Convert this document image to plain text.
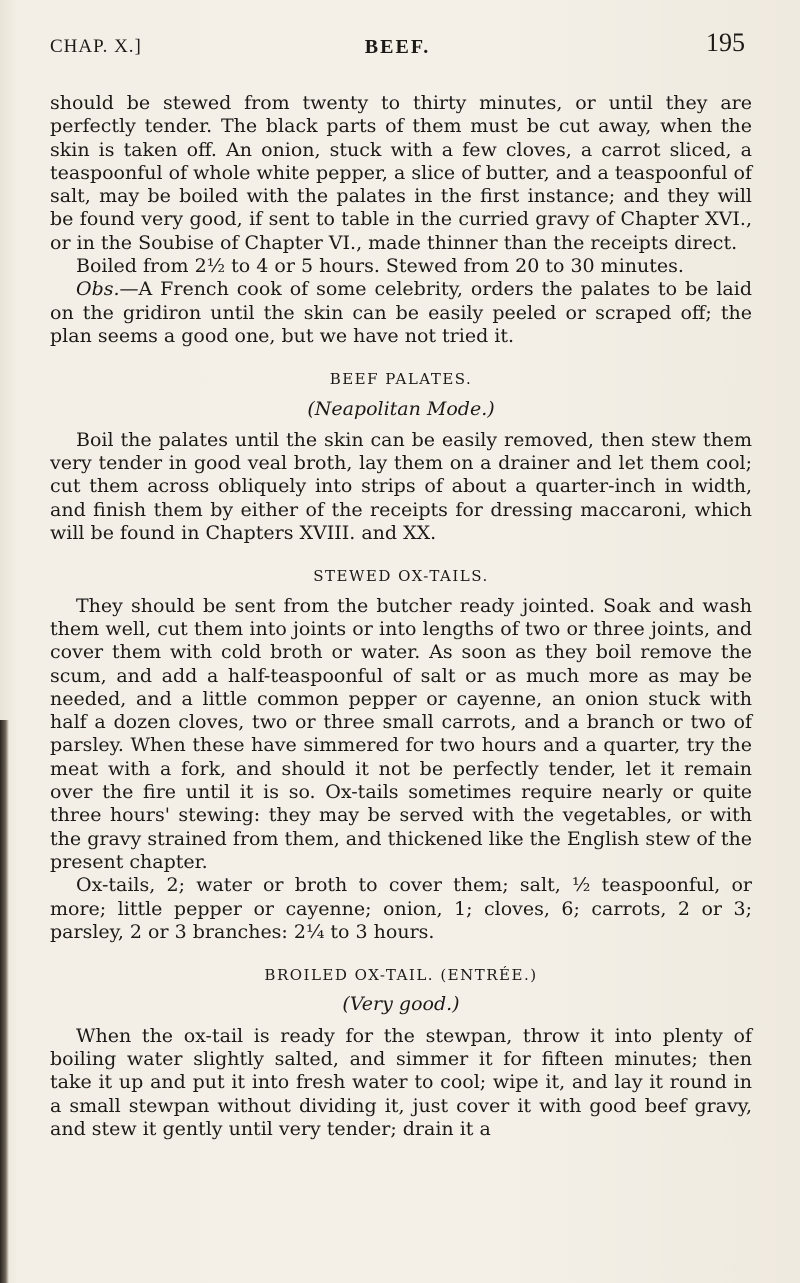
CHAP. X.]	BEEF.	195

should be stewed from twenty to thirty minutes, or until they are perfectly tender. The black parts of them must be cut away, when the skin is taken off. An onion, stuck with a few cloves, a carrot sliced, a teaspoonful of whole white pepper, a slice of butter, and a teaspoonful of salt, may be boiled with the palates in the first instance; and they will be found very good, if sent to table in the curried gravy of Chapter XVI., or in the Soubise of Chapter VI., made thinner than the receipts direct.

Boiled from 2½ to 4 or 5 hours. Stewed from 20 to 30 minutes.

Obs.—A French cook of some celebrity, orders the palates to be laid on the gridiron until the skin can be easily peeled or scraped off; the plan seems a good one, but we have not tried it.

BEEF PALATES.
(Neapolitan Mode.)

Boil the palates until the skin can be easily removed, then stew them very tender in good veal broth, lay them on a drainer and let them cool; cut them across obliquely into strips of about a quarter-inch in width, and finish them by either of the receipts for dressing maccaroni, which will be found in Chapters XVIII. and XX.

STEWED OX-TAILS.

They should be sent from the butcher ready jointed. Soak and wash them well, cut them into joints or into lengths of two or three joints, and cover them with cold broth or water. As soon as they boil remove the scum, and add a half-teaspoonful of salt or as much more as may be needed, and a little common pepper or cayenne, an onion stuck with half a dozen cloves, two or three small carrots, and a branch or two of parsley. When these have simmered for two hours and a quarter, try the meat with a fork, and should it not be perfectly tender, let it remain over the fire until it is so. Ox-tails sometimes require nearly or quite three hours' stewing: they may be served with the vegetables, or with the gravy strained from them, and thickened like the English stew of the present chapter.

Ox-tails, 2; water or broth to cover them; salt, ½ teaspoonful, or more; little pepper or cayenne; onion, 1; cloves, 6; carrots, 2 or 3; parsley, 2 or 3 branches: 2¼ to 3 hours.

BROILED OX-TAIL. (ENTRÉE.)
(Very good.)

When the ox-tail is ready for the stewpan, throw it into plenty of boiling water slightly salted, and simmer it for fifteen minutes; then take it up and put it into fresh water to cool; wipe it, and lay it round in a small stewpan without dividing it, just cover it with good beef gravy, and stew it gently until very tender; drain it a
